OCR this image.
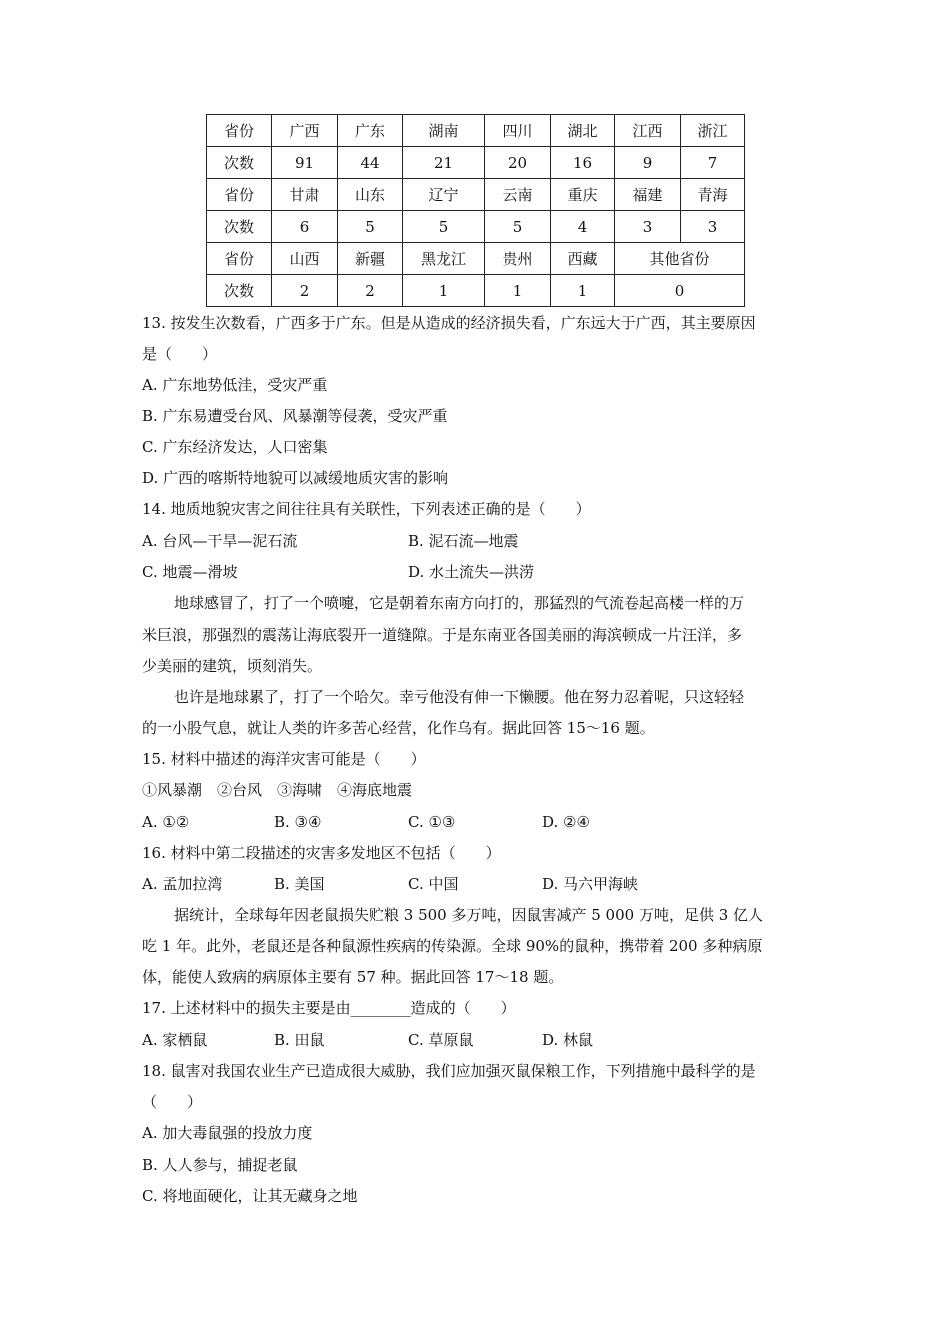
省份	广西	广东	湖南	四川	湖北	江西	浙江
次数	91	44	21	20	16	9	7
省份	甘肃	山东	辽宁	云南	重庆	福建	青海
次数	6	5	5	5	4	3	3
省份	山西	新疆	黑龙江	贵州	西藏	其他省份	
次数	2	2	1	1	1	0	
13. 按发生次数看，广西多于广东。但是从造成的经济损失看，广东远大于广西，其主要原因
是（　　）
A. 广东地势低洼，受灾严重
B. 广东易遭受台风、风暴潮等侵袭，受灾严重
C. 广东经济发达，人口密集
D. 广西的喀斯特地貌可以减缓地质灾害的影响
14. 地质地貌灾害之间往往具有关联性，下列表述正确的是（　　）
A. 台风—干旱—泥石流	B. 泥石流—地震
C. 地震—滑坡	D. 水土流失—洪涝
地球感冒了，打了一个喷嚏，它是朝着东南方向打的，那猛烈的气流卷起高楼一样的万
米巨浪，那强烈的震荡让海底裂开一道缝隙。于是东南亚各国美丽的海滨顿成一片汪洋，多
少美丽的建筑，顷刻消失。
也许是地球累了，打了一个哈欠。幸亏他没有伸一下懒腰。他在努力忍着呢，只这轻轻
的一小股气息，就让人类的许多苦心经营，化作乌有。据此回答 15～16 题。
15. 材料中描述的海洋灾害可能是（　　）
①风暴潮　②台风　③海啸　④海底地震
A. ①②	B. ③④	C. ①③	D. ②④
16. 材料中第二段描述的灾害多发地区不包括（　　）
A. 孟加拉湾	B. 美国	C. 中国	D. 马六甲海峡
据统计，全球每年因老鼠损失贮粮 3 500 多万吨，因鼠害减产 5 000 万吨，足供 3 亿人
吃 1 年。此外，老鼠还是各种鼠源性疾病的传染源。全球 90%的鼠种，携带着 200 多种病原
体，能使人致病的病原体主要有 57 种。据此回答 17～18 题。
17. 上述材料中的损失主要是由________造成的（　　）
A. 家栖鼠	B. 田鼠	C. 草原鼠	D. 林鼠
18. 鼠害对我国农业生产已造成很大威胁，我们应加强灭鼠保粮工作，下列措施中最科学的是
（　　）
A. 加大毒鼠强的投放力度
B. 人人参与，捕捉老鼠
C. 将地面硬化，让其无藏身之地
